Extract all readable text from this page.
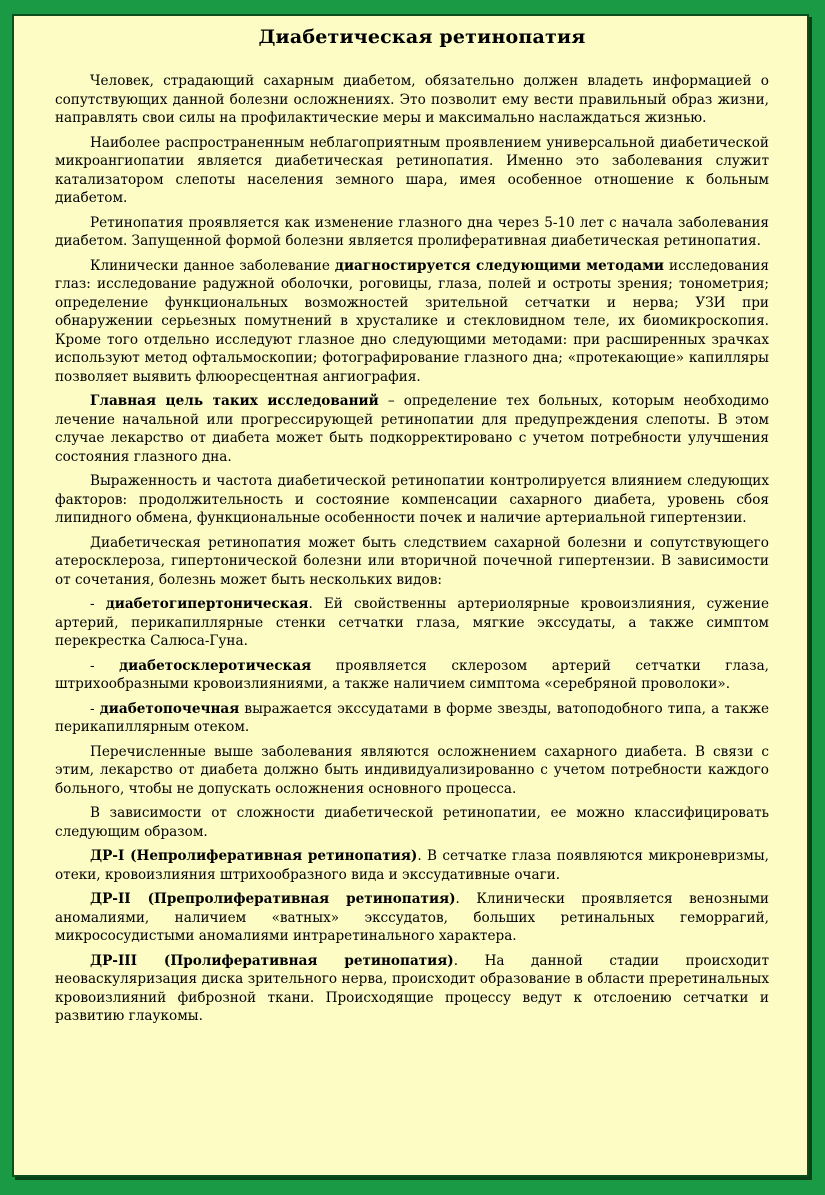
Диабетическая ретинопатия

Человек, страдающий сахарным диабетом, обязательно должен владеть информацией о сопутствующих данной болезни осложнениях. Это позволит ему вести правильный образ жизни, направлять свои силы на профилактические меры и максимально наслаждаться жизнью.

Наиболее распространенным неблагоприятным проявлением универсальной диабетической микроангиопатии является диабетическая ретинопатия. Именно это заболевания служит катализатором слепоты населения земного шара, имея особенное отношение к больным диабетом.

Ретинопатия проявляется как изменение глазного дна через 5-10 лет с начала заболевания диабетом. Запущенной формой болезни является пролиферативная диабетическая ретинопатия.

Клинически данное заболевание диагностируется следующими методами исследования глаз: исследование радужной оболочки, роговицы, глаза, полей и остроты зрения; тонометрия; определение функциональных возможностей зрительной сетчатки и нерва; УЗИ при обнаружении серьезных помутнений в хрусталике и стекловидном теле, их биомикроскопия. Кроме того отдельно исследуют глазное дно следующими методами: при расширенных зрачках используют метод офтальмоскопии; фотографирование глазного дна; «протекающие» капилляры позволяет выявить флюоресцентная ангиография.

Главная цель таких исследований – определение тех больных, которым необходимо лечение начальной или прогрессирующей ретинопатии для предупреждения слепоты. В этом случае лекарство от диабета может быть подкорректировано с учетом потребности улучшения состояния глазного дна.

Выраженность и частота диабетической ретинопатии контролируется влиянием следующих факторов: продолжительность и состояние компенсации сахарного диабета, уровень сбоя липидного обмена, функциональные особенности почек и наличие артериальной гипертензии.

Диабетическая ретинопатия может быть следствием сахарной болезни и сопутствующего атеросклероза, гипертонической болезни или вторичной почечной гипертензии. В зависимости от сочетания, болезнь может быть нескольких видов:

- диабетогипертоническая. Ей свойственны артериолярные кровоизлияния, сужение артерий, перикапиллярные стенки сетчатки глаза, мягкие экссудаты, а также симптом перекрестка Салюса-Гуна.

- диабетосклеротическая проявляется склерозом артерий сетчатки глаза, штрихообразными кровоизлияниями, а также наличием симптома «серебряной проволоки».

- диабетопочечная выражается экссудатами в форме звезды, ватоподобного типа, а также перикапиллярным отеком.

Перечисленные выше заболевания являются осложнением сахарного диабета. В связи с этим, лекарство от диабета должно быть индивидуализированно с учетом потребности каждого больного, чтобы не допускать осложнения основного процесса.

В зависимости от сложности диабетической ретинопатии, ее можно классифицировать следующим образом.

ДР-I (Непролиферативная ретинопатия). В сетчатке глаза появляются микроневризмы, отеки, кровоизлияния штрихообразного вида и экссудативные очаги.

ДР-II (Препролиферативная ретинопатия). Клинически проявляется венозными аномалиями, наличием «ватных» экссудатов, больших ретинальных геморрагий, микрососудистыми аномалиями интраретинального характера.

ДР-III (Пролиферативная ретинопатия). На данной стадии происходит неоваскуляризация диска зрительного нерва, происходит образование в области преретинальных кровоизлияний фиброзной ткани. Происходящие процессу ведут к отслоению сетчатки и развитию глаукомы.
